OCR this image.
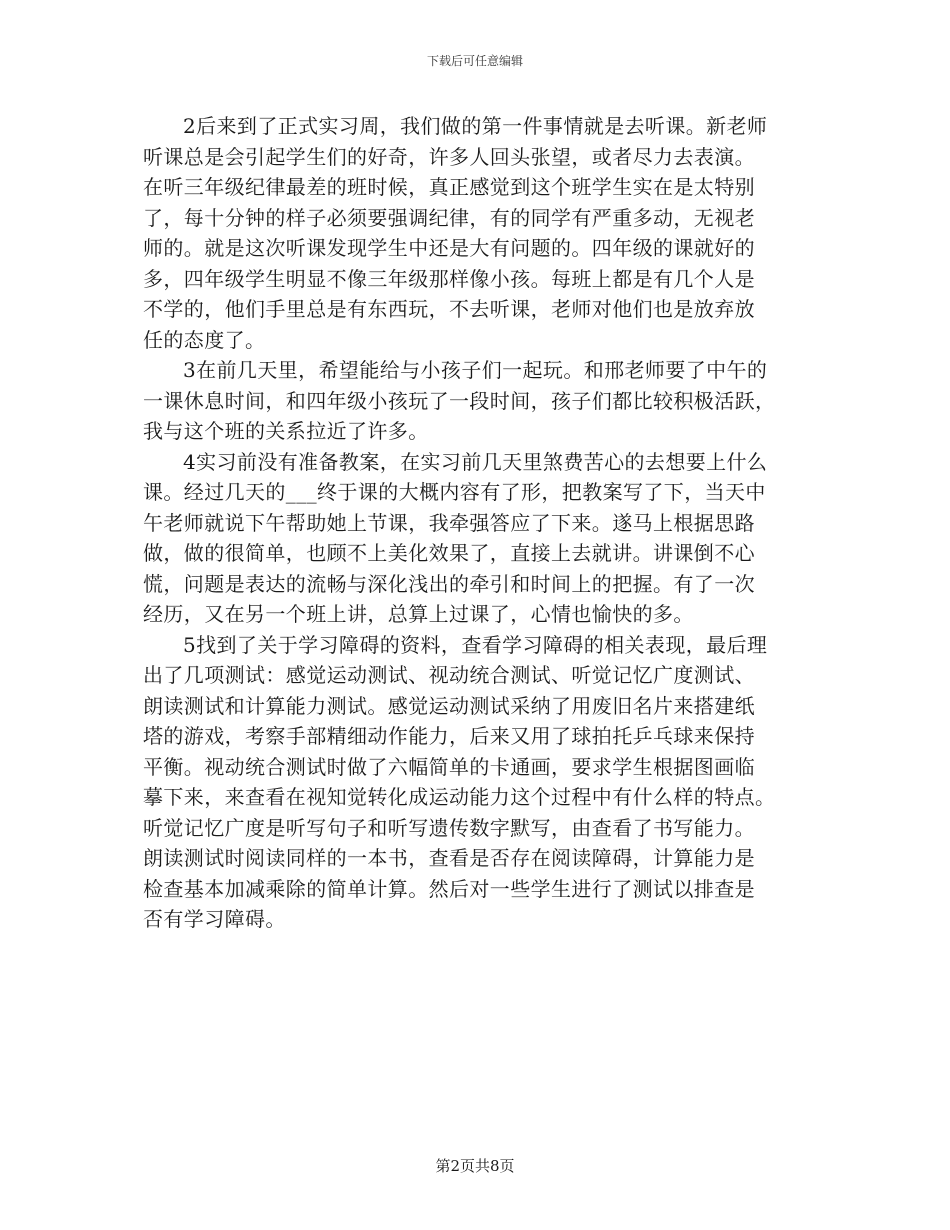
下载后可任意编辑

2后来到了正式实习周，我们做的第一件事情就是去听课。新老师
听课总是会引起学生们的好奇，许多人回头张望，或者尽力去表演。
在听三年级纪律最差的班时候，真正感觉到这个班学生实在是太特别
了，每十分钟的样子必须要强调纪律，有的同学有严重多动，无视老
师的。就是这次听课发现学生中还是大有问题的。四年级的课就好的
多，四年级学生明显不像三年级那样像小孩。每班上都是有几个人是
不学的，他们手里总是有东西玩，不去听课，老师对他们也是放弃放
任的态度了。

3在前几天里，希望能给与小孩子们一起玩。和邢老师要了中午的
一课休息时间，和四年级小孩玩了一段时间，孩子们都比较积极活跃，
我与这个班的关系拉近了许多。

4实习前没有准备教案，在实习前几天里煞费苦心的去想要上什么
课。经过几天的___终于课的大概内容有了形，把教案写了下，当天中
午老师就说下午帮助她上节课，我牵强答应了下来。遂马上根据思路
做，做的很简单，也顾不上美化效果了，直接上去就讲。讲课倒不心
慌，问题是表达的流畅与深化浅出的牵引和时间上的把握。有了一次
经历，又在另一个班上讲，总算上过课了，心情也愉快的多。

5找到了关于学习障碍的资料，查看学习障碍的相关表现，最后理
出了几项测试：感觉运动测试、视动统合测试、听觉记忆广度测试、
朗读测试和计算能力测试。感觉运动测试采纳了用废旧名片来搭建纸
塔的游戏，考察手部精细动作能力，后来又用了球拍托乒乓球来保持
平衡。视动统合测试时做了六幅简单的卡通画，要求学生根据图画临
摹下来，来查看在视知觉转化成运动能力这个过程中有什么样的特点。
听觉记忆广度是听写句子和听写遗传数字默写，由查看了书写能力。
朗读测试时阅读同样的一本书，查看是否存在阅读障碍，计算能力是
检查基本加减乘除的简单计算。然后对一些学生进行了测试以排查是
否有学习障碍。

第2页共8页
